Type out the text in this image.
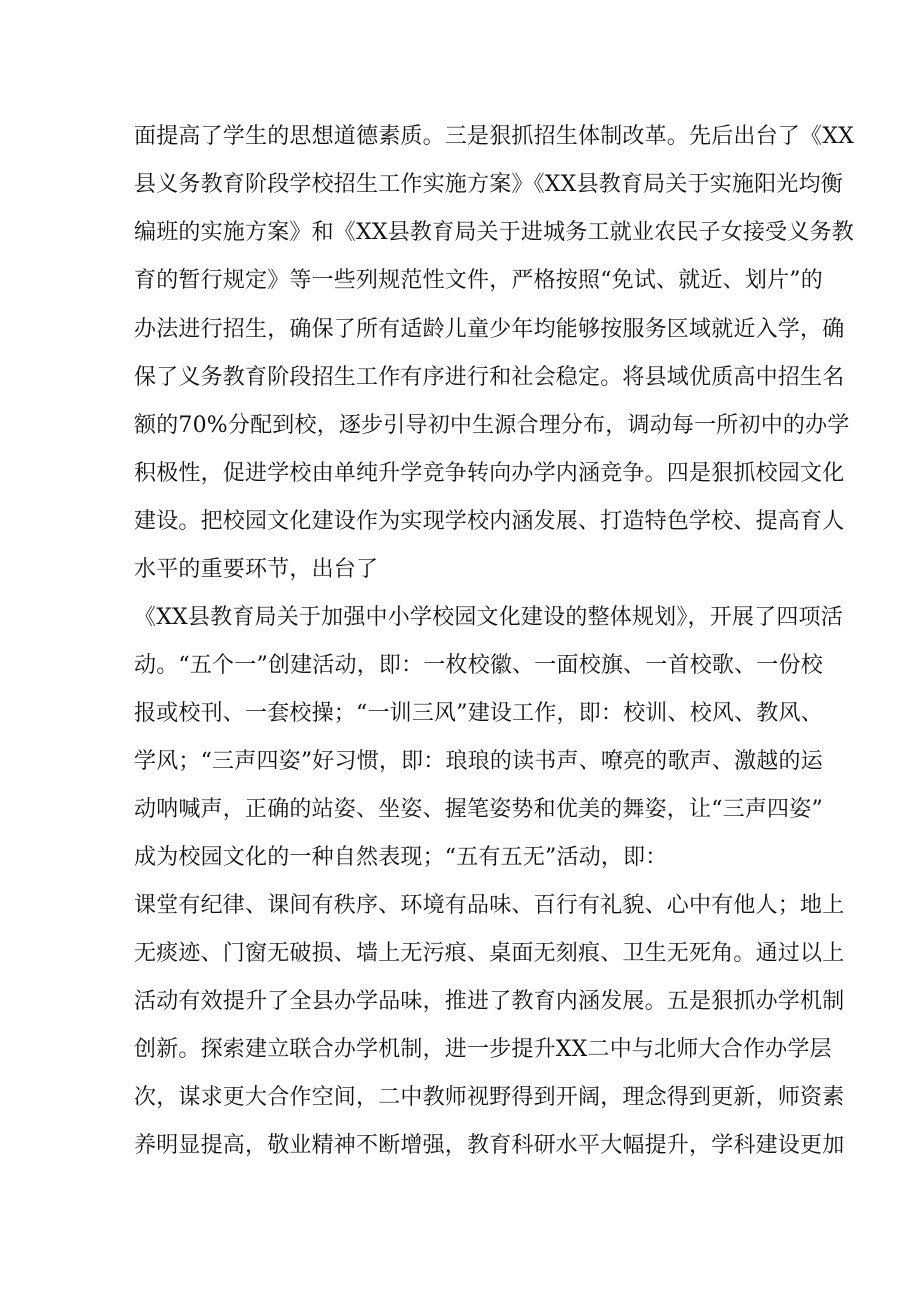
面提高了学生的思想道德素质。三是狠抓招生体制改革。先后出台了《XX
县义务教育阶段学校招生工作实施方案》《XX县教育局关于实施阳光均衡
编班的实施方案》和《XX县教育局关于进城务工就业农民子女接受义务教
育的暂行规定》等一些列规范性文件，严格按照“免试、就近、划片”的
办法进行招生，确保了所有适龄儿童少年均能够按服务区域就近入学，确
保了义务教育阶段招生工作有序进行和社会稳定。将县域优质高中招生名
额的70%分配到校，逐步引导初中生源合理分布，调动每一所初中的办学
积极性，促进学校由单纯升学竞争转向办学内涵竞争。四是狠抓校园文化
建设。把校园文化建设作为实现学校内涵发展、打造特色学校、提高育人
水平的重要环节，出台了
《XX县教育局关于加强中小学校园文化建设的整体规划》，开展了四项活
动。“五个一”创建活动，即：一枚校徽、一面校旗、一首校歌、一份校
报或校刊、一套校操；“一训三风”建设工作，即：校训、校风、教风、
学风；“三声四姿”好习惯，即：琅琅的读书声、嘹亮的歌声、激越的运
动呐喊声，正确的站姿、坐姿、握笔姿势和优美的舞姿，让“三声四姿”
成为校园文化的一种自然表现；“五有五无”活动，即：
课堂有纪律、课间有秩序、环境有品味、百行有礼貌、心中有他人；地上
无痰迹、门窗无破损、墙上无污痕、桌面无刻痕、卫生无死角。通过以上
活动有效提升了全县办学品味，推进了教育内涵发展。五是狠抓办学机制
创新。探索建立联合办学机制，进一步提升XX二中与北师大合作办学层
次，谋求更大合作空间，二中教师视野得到开阔，理念得到更新，师资素
养明显提高，敬业精神不断增强，教育科研水平大幅提升，学科建设更加
